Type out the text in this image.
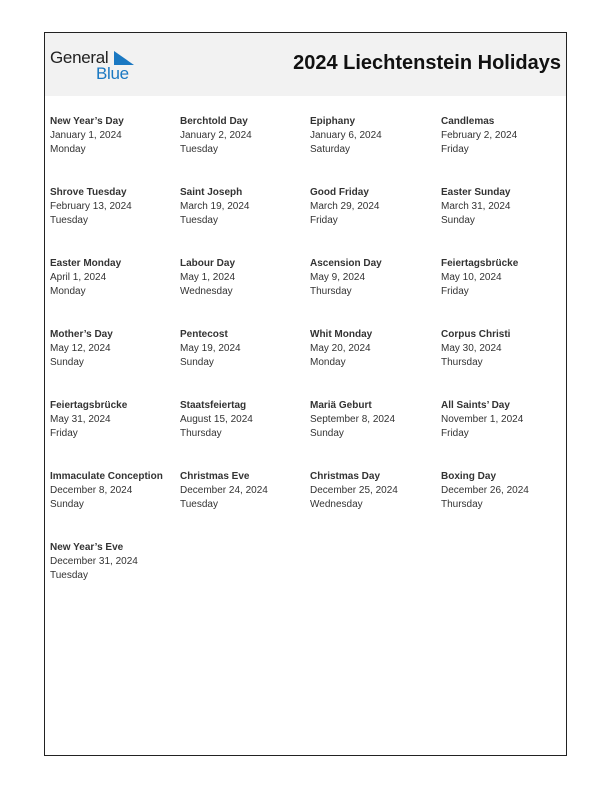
General
Blue	2024 Liechtenstein Holidays
New Year’s Day
January 1, 2024
Monday
Berchtold Day
January 2, 2024
Tuesday
Epiphany
January 6, 2024
Saturday
Candlemas
February 2, 2024
Friday
Shrove Tuesday
February 13, 2024
Tuesday
Saint Joseph
March 19, 2024
Tuesday
Good Friday
March 29, 2024
Friday
Easter Sunday
March 31, 2024
Sunday
Easter Monday
April 1, 2024
Monday
Labour Day
May 1, 2024
Wednesday
Ascension Day
May 9, 2024
Thursday
Feiertagsbrücke
May 10, 2024
Friday
Mother’s Day
May 12, 2024
Sunday
Pentecost
May 19, 2024
Sunday
Whit Monday
May 20, 2024
Monday
Corpus Christi
May 30, 2024
Thursday
Feiertagsbrücke
May 31, 2024
Friday
Staatsfeiertag
August 15, 2024
Thursday
Mariä Geburt
September 8, 2024
Sunday
All Saints’ Day
November 1, 2024
Friday
Immaculate Conception
December 8, 2024
Sunday
Christmas Eve
December 24, 2024
Tuesday
Christmas Day
December 25, 2024
Wednesday
Boxing Day
December 26, 2024
Thursday
New Year’s Eve
December 31, 2024
Tuesday
